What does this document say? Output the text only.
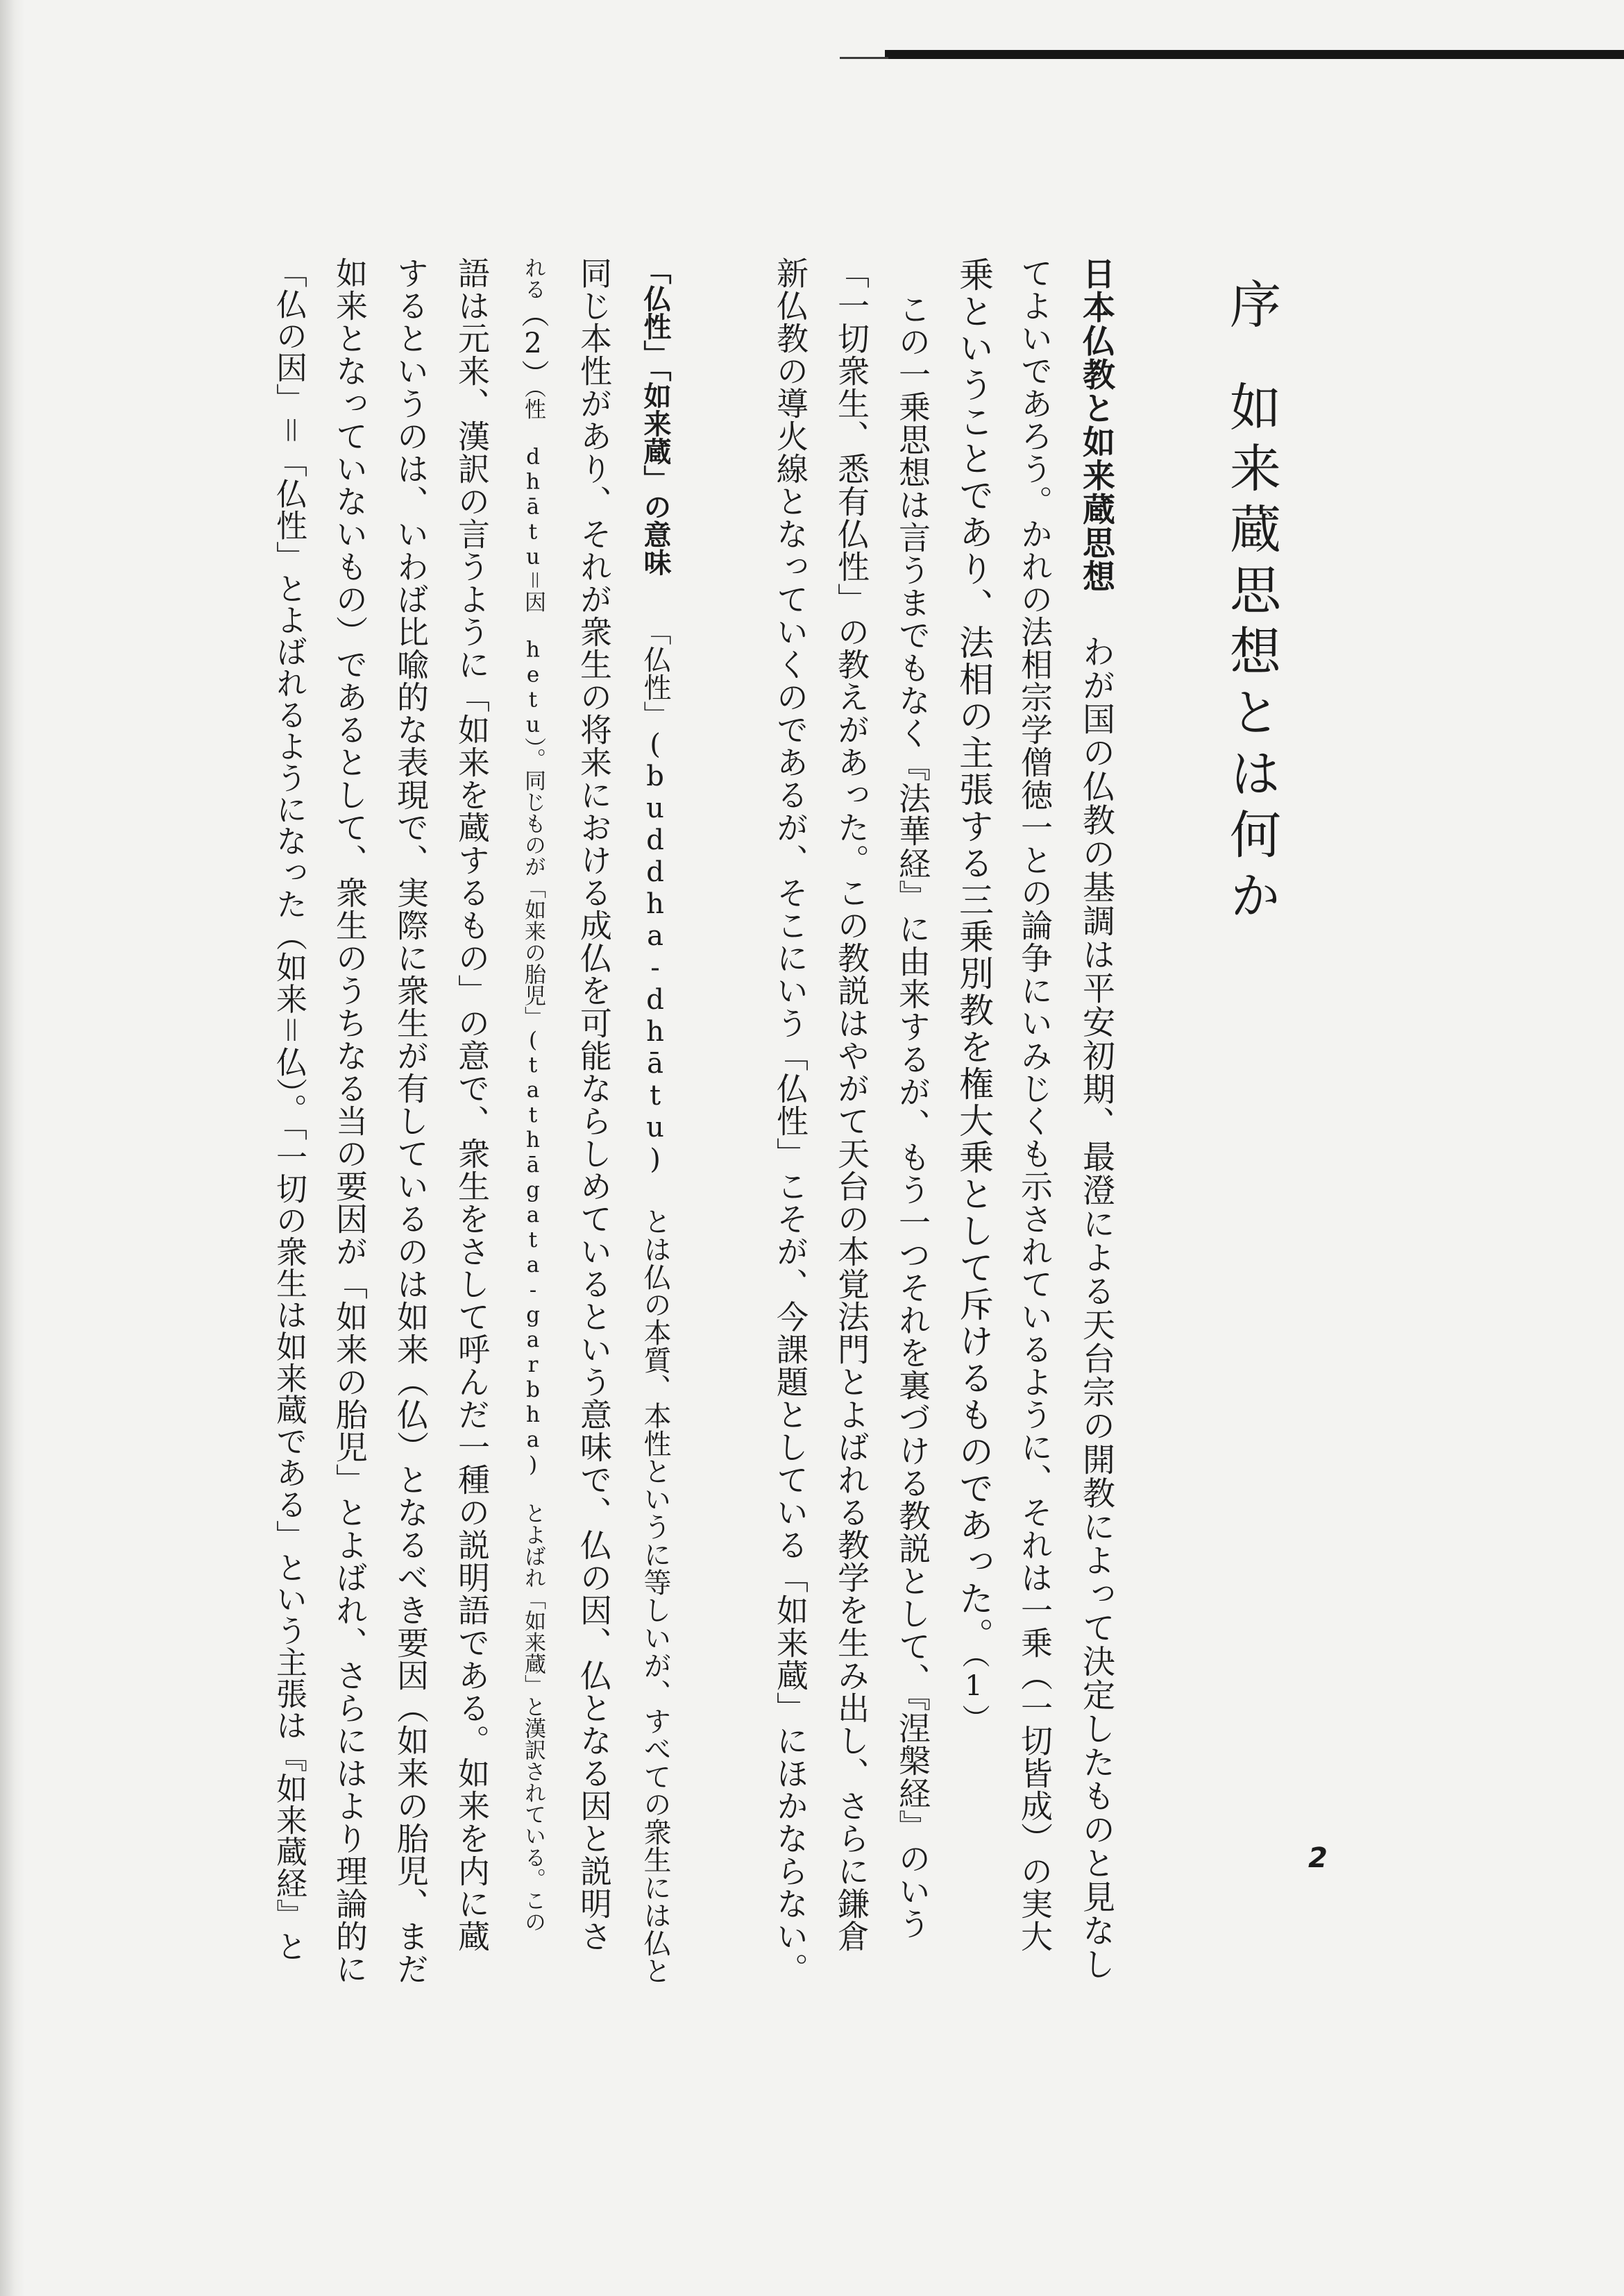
序如来蔵思想とは何か
日本仏教と如来蔵思想わが国の仏教の基調は平安初期、最澄による天台宗の開教によって決定したものと見なし
てよいであろう。かれの法相宗学僧徳一との論争にいみじくも示されているように、それは一乗（一切皆成）の実大
乗ということであり、法相の主張する三乗別教を権大乗として斥けるものであった。（1）
この一乗思想は言うまでもなく『法華経』に由来するが、もう一つそれを裏づける教説として、『涅槃経』のいう
「一切衆生、悉有仏性」の教えがあった。この教説はやがて天台の本覚法門とよばれる教学を生み出し、さらに鎌倉
新仏教の導火線となっていくのであるが、そこにいう「仏性」こそが、今課題としている「如来蔵」にほかならない。
「仏性」「如来蔵」の意味「仏性」(buddha-dhātu) とは仏の本質、本性というに等しいが、すべての衆生には仏と
同じ本性があり、それが衆生の将来における成仏を可能ならしめているという意味で、仏の因、仏となる因と説明さ
れる（2）（性 dhātu＝因 hetu）。同じものが「如来の胎児」(tathāgata-garbha) とよばれ「如来蔵」と漢訳されている。この
語は元来、漢訳の言うように「如来を蔵するもの」の意で、衆生をさして呼んだ一種の説明語である。如来を内に蔵
するというのは、いわば比喩的な表現で、実際に衆生が有しているのは如来（仏）となるべき要因（如来の胎児、まだ
如来となっていないもの）であるとして、衆生のうちなる当の要因が「如来の胎児」とよばれ、さらにはより理論的に
「仏の因」＝「仏性」とよばれるようになった（如来＝仏）。「一切の衆生は如来蔵である」という主張は『如来蔵経』と	2
